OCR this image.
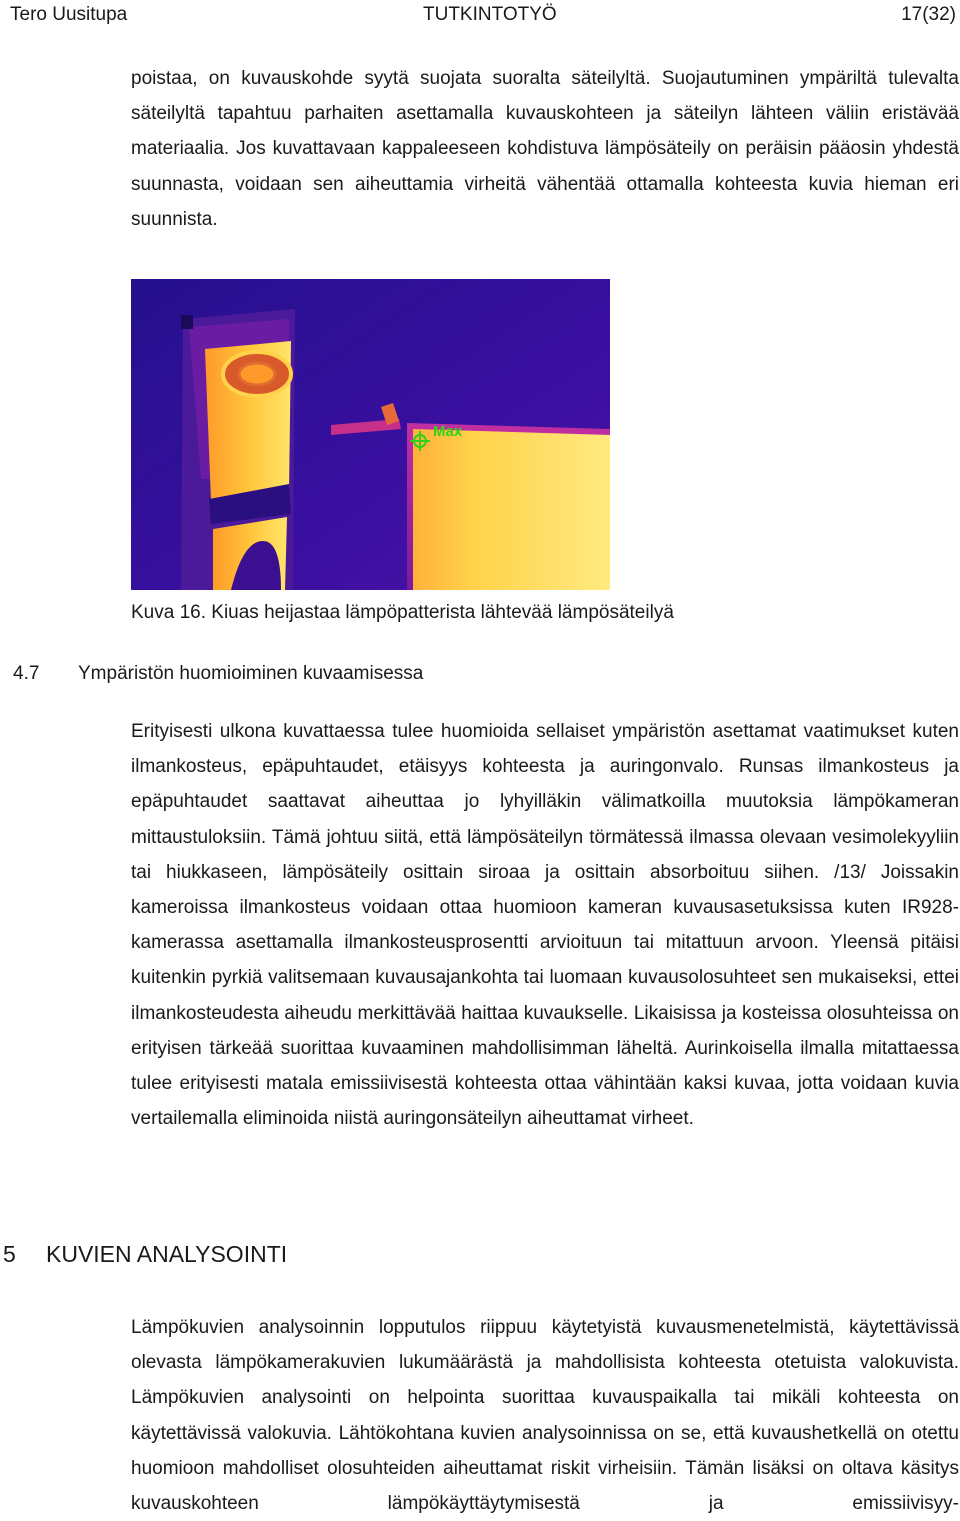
Tero Uusitupa	TUTKINTOTYÖ	17(32)

poistaa, on kuvauskohde syytä suojata suoralta säteilyltä. Suojautuminen ympäriltä tulevalta säteilyltä tapahtuu parhaiten asettamalla kuvauskohteen ja säteilyn lähteen väliin eristävää materiaalia. Jos kuvattavaan kappaleeseen kohdistuva lämpösäteily on peräisin pääosin yhdestä suunnasta, voidaan sen aiheuttamia virheitä vähentää ottamalla kohteesta kuvia hieman eri suunnista.

Max
Kuva 16. Kiuas heijastaa lämpöpatterista lähtevää lämpösäteilyä
4.7 Ympäristön huomioiminen kuvaamisessa

Erityisesti ulkona kuvattaessa tulee huomioida sellaiset ympäristön asettamat vaatimukset kuten ilmankosteus, epäpuhtaudet, etäisyys kohteesta ja auringonvalo. Runsas ilmankosteus ja epäpuhtaudet saattavat aiheuttaa jo lyhyilläkin välimatkoilla muutoksia lämpökameran mittaustuloksiin. Tämä johtuu siitä, että lämpösäteilyn törmätessä ilmassa olevaan vesimolekyyliin tai hiukkaseen, lämpösäteily osittain siroaa ja osittain absorboituu siihen. /13/ Joissakin kameroissa ilmankosteus voidaan ottaa huomioon kameran kuvausasetuksissa kuten IR928- kamerassa asettamalla ilmankosteusprosentti arvioituun tai mitattuun arvoon. Yleensä pitäisi kuitenkin pyrkiä valitsemaan kuvausajankohta tai luomaan kuvausolosuhteet sen mukaiseksi, ettei ilmankosteudesta aiheudu merkittävää haittaa kuvaukselle. Likaisissa ja kosteissa olosuhteissa on erityisen tärkeää suorittaa kuvaaminen mahdollisimman läheltä. Aurinkoisella ilmalla mitattaessa tulee erityisesti matala emissiivisestä kohteesta ottaa vähintään kaksi kuvaa, jotta voidaan kuvia vertailemalla eliminoida niistä auringonsäteilyn aiheuttamat virheet.

5 KUVIEN ANALYSOINTI

Lämpökuvien analysoinnin lopputulos riippuu käytetyistä kuvausmenetelmistä, käytettävissä olevasta lämpökamerakuvien lukumäärästä ja mahdollisista kohteesta otetuista valokuvista. Lämpökuvien analysointi on helpointa suorittaa kuvauspaikalla tai mikäli kohteesta on käytettävissä valokuvia. Lähtökohtana kuvien analysoinnissa on se, että kuvaushetkellä on otettu huomioon mahdolliset olosuhteiden aiheuttamat riskit virheisiin. Tämän lisäksi on oltava käsitys kuvauskohteen lämpökäyttäytymisestä ja emissiivisyy-
